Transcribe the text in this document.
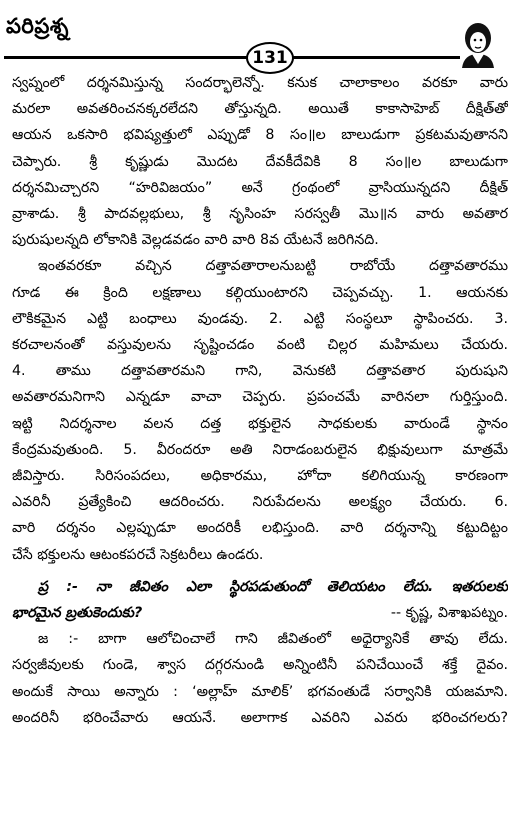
పరిప్రశ్న
131
స్వప్నంలో దర్శనమిస్తున్న సందర్భాలెన్నో. కనుక చాలాకాలం వరకూ వారు
మరలా అవతరించనక్కరలేదని తోస్తున్నది. అయితే కాకాసాహెబ్ దీక్షిత్‌తో
ఆయన ఒకసారి భవిష్యత్తులో ఎప్పుడో 8 సం॥ల బాలుడుగా ప్రకటమవుతానని
చెప్పారు. శ్రీ కృష్ణుడు మొదట దేవకీదేవికి 8 సం॥ల బాలుడుగా
దర్శనమిచ్చారని “హరివిజయం” అనే గ్రంథంలో వ్రాసియున్నదని దీక్షిత్
వ్రాశాడు. శ్రీ పాదవల్లభులు, శ్రీ నృసింహ సరస్వతీ మొ॥న వారు అవతార
పురుషులన్నది లోకానికి వెల్లడవడం వారి వారి 8వ యేటనే జరిగినది.
ఇంతవరకూ వచ్చిన దత్తావతారాలనుబట్టి రాబోయే దత్తావతారము
గూడ ఈ క్రింది లక్షణాలు కల్గియుంటారని చెప్పవచ్చు. 1. ఆయనకు
లౌకికమైన ఎట్టి బంధాలు వుండవు. 2. ఎట్టి సంస్థలూ స్థాపించరు. 3.
కరచాలనంతో వస్తువులను సృష్టించడం వంటి చిల్లర మహిమలు చేయరు.
4. తాము దత్తావతారమని గాని, వెనుకటి దత్తావతార పురుషుని
అవతారమనిగాని ఎన్నడూ వాచా చెప్పరు. ప్రపంచమే వారినలా గుర్తిస్తుంది.
ఇట్టి నిదర్శనాల వలన దత్త భక్తులైన సాధకులకు వారుండే స్థానం
కేంద్రమవుతుంది. 5. వీరందరూ అతి నిరాడంబరులైన భిక్షువులుగా మాత్రమే
జీవిస్తారు. సిరిసంపదలు, అధికారము, హోదా కలిగియున్న కారణంగా
ఎవరినీ ప్రత్యేకించి ఆదరించరు. నిరుపేదలను అలక్ష్యం చేయరు. 6.
వారి దర్శనం ఎల్లప్పుడూ అందరికీ లభిస్తుంది. వారి దర్శనాన్ని కట్టుదిట్టం
చేసే భక్తులను ఆటంకపరచే సెక్రటరీలు ఉండరు.
ప్ర :- నా జీవితం ఎలా స్థిరపడుతుందో తెలియటం లేదు. ఇతరులకు
భారమైన బ్రతుకెందుకు?	-- కృష్ణ, విశాఖపట్నం.
జ :- బాగా ఆలోచించాలే గాని జీవితంలో అధైర్యానికే తావు లేదు.
సర్వజీవులకు గుండె, శ్వాస దగ్గరనుండి అన్నింటినీ పనిచేయించే శక్తే దైవం.
అందుకే సాయి అన్నారు : ‘అల్లాహ్ మాలిక్’ భగవంతుడే సర్వానికి యజమాని.
అందరినీ భరించేవారు ఆయనే. అలాగాక ఎవరిని ఎవరు భరించగలరు?
